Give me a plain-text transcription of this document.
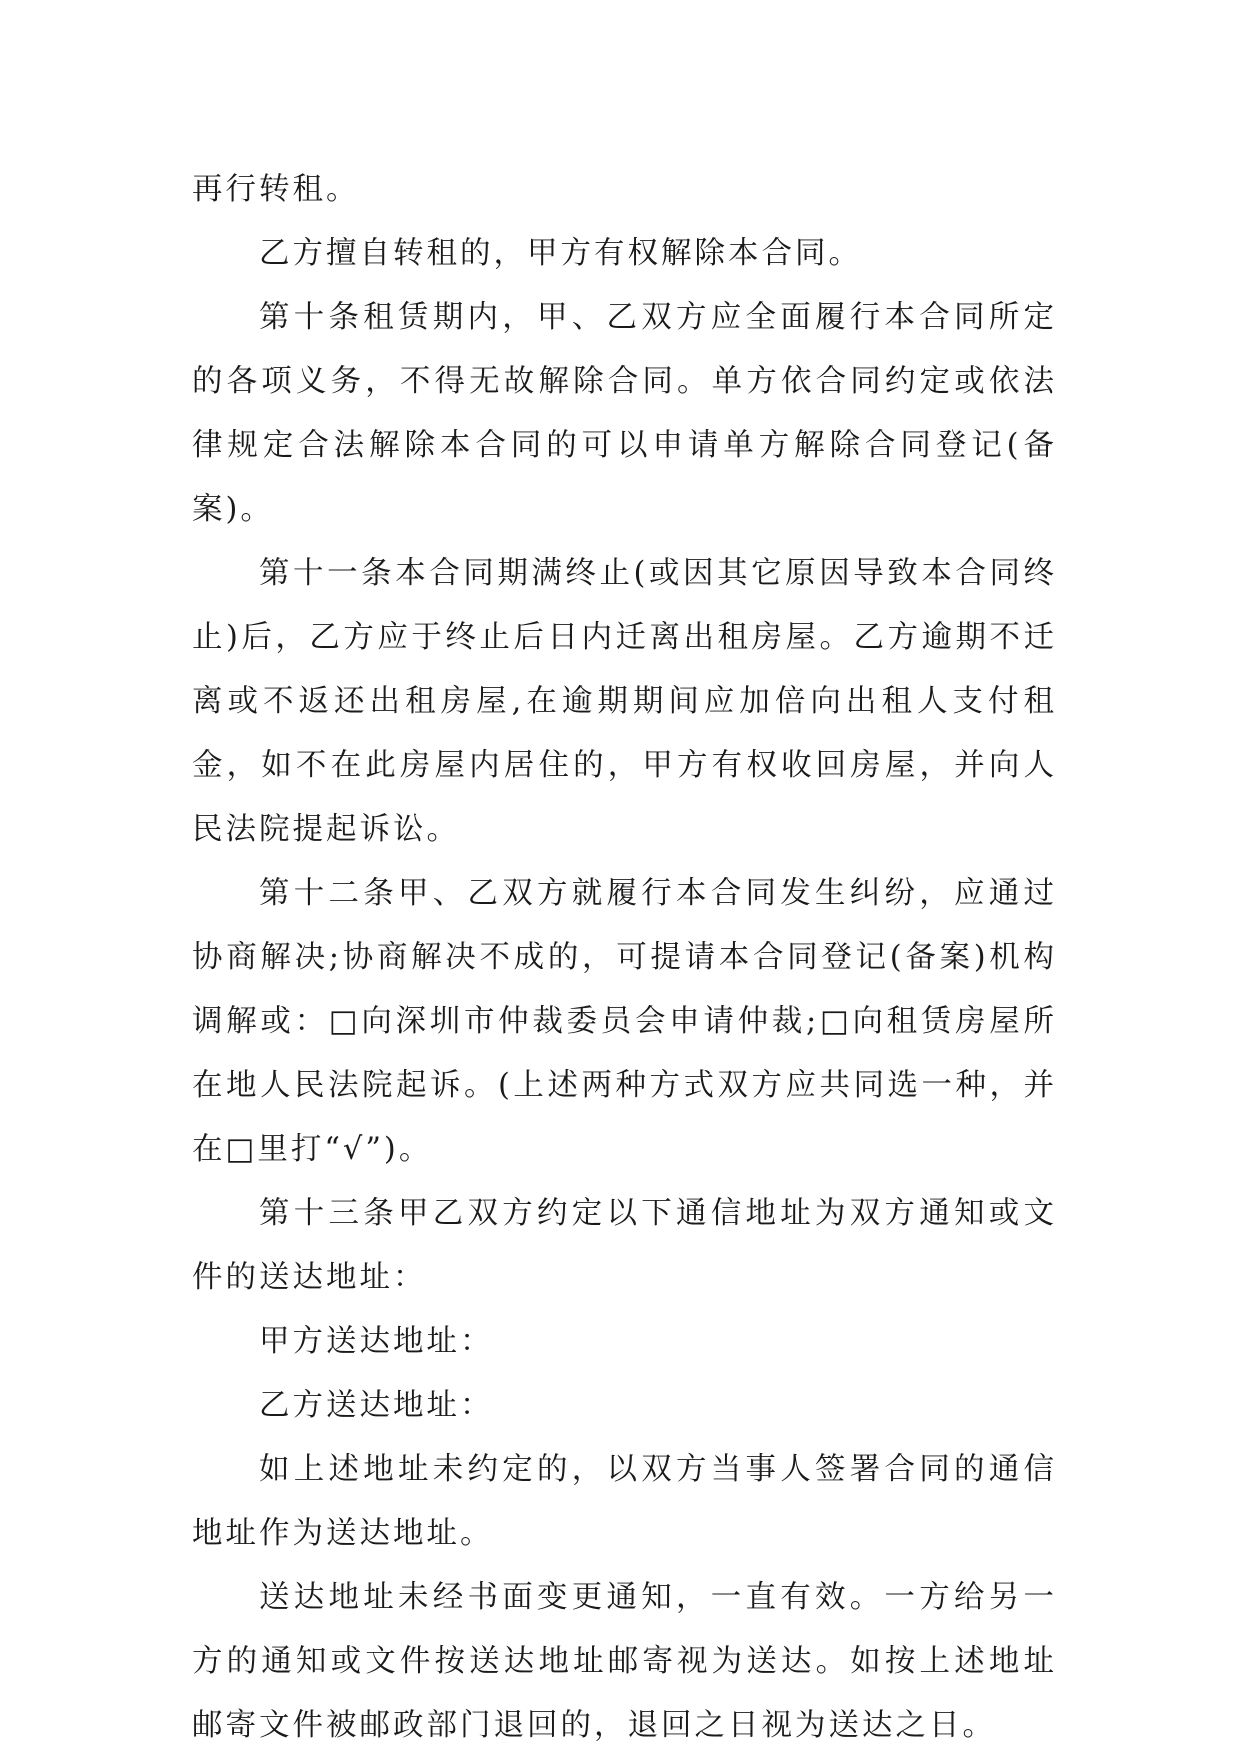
再行转租。

乙方擅自转租的，甲方有权解除本合同。

第十条租赁期内，甲、乙双方应全面履行本合同所定的各项义务，不得无故解除合同。单方依合同约定或依法律规定合法解除本合同的可以申请单方解除合同登记(备案)。

第十一条本合同期满终止(或因其它原因导致本合同终止)后，乙方应于终止后日内迁离出租房屋。乙方逾期不迁离或不返还出租房屋,在逾期期间应加倍向出租人支付租金，如不在此房屋内居住的，甲方有权收回房屋，并向人民法院提起诉讼。

第十二条甲、乙双方就履行本合同发生纠纷，应通过协商解决;协商解决不成的，可提请本合同登记(备案)机构调解或：□向深圳市仲裁委员会申请仲裁;□向租赁房屋所在地人民法院起诉。(上述两种方式双方应共同选一种，并在□里打“√”)。

第十三条甲乙双方约定以下通信地址为双方通知或文件的送达地址：

甲方送达地址：

乙方送达地址：

如上述地址未约定的，以双方当事人签署合同的通信地址作为送达地址。

送达地址未经书面变更通知，一直有效。一方给另一方的通知或文件按送达地址邮寄视为送达。如按上述地址邮寄文件被邮政部门退回的，退回之日视为送达之日。
